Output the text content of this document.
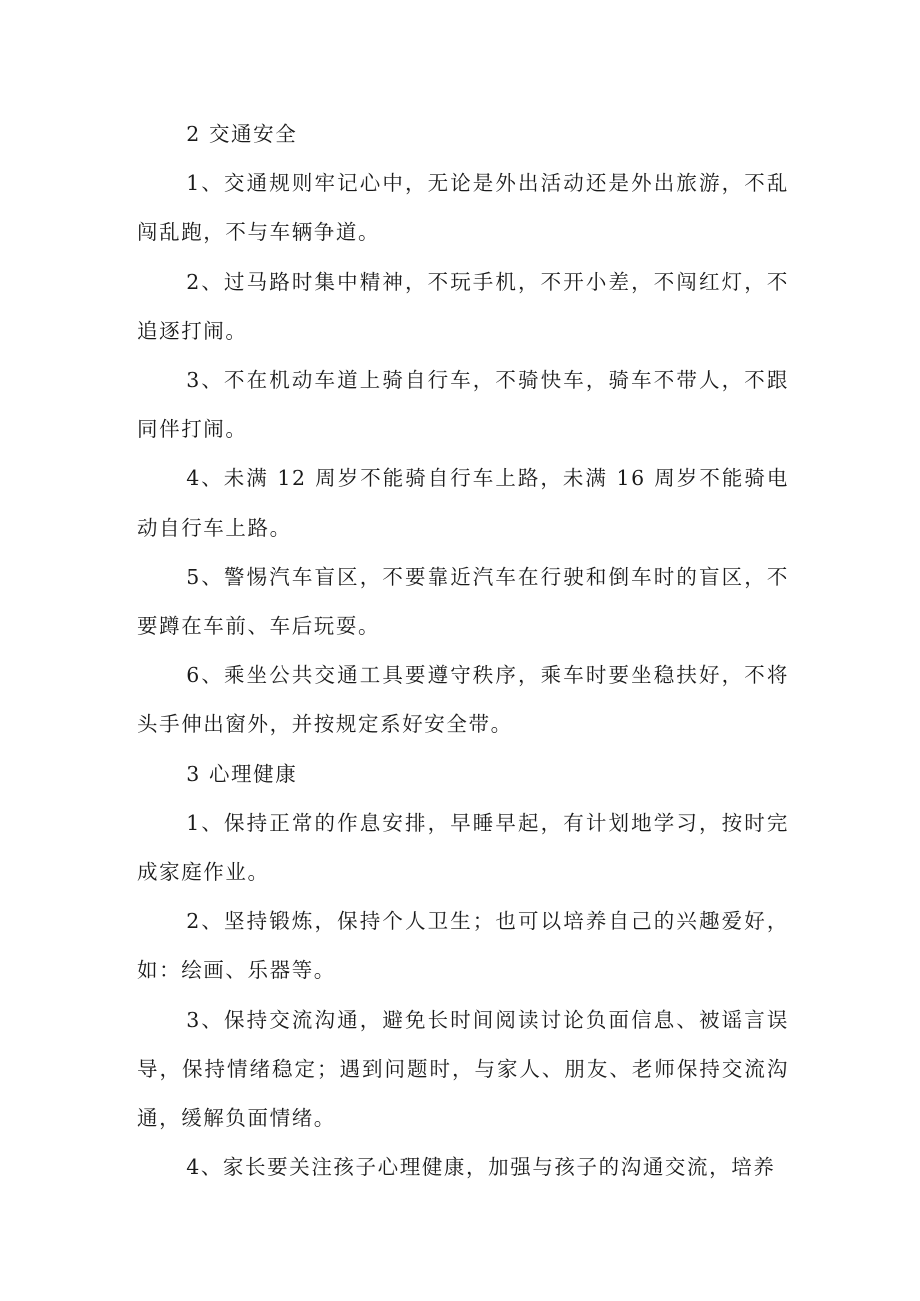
2 交通安全

1、交通规则牢记心中，无论是外出活动还是外出旅游，不乱闯乱跑，不与车辆争道。

2、过马路时集中精神，不玩手机，不开小差，不闯红灯，不追逐打闹。

3、不在机动车道上骑自行车，不骑快车，骑车不带人，不跟同伴打闹。

4、未满 12 周岁不能骑自行车上路，未满 16 周岁不能骑电动自行车上路。

5、警惕汽车盲区，不要靠近汽车在行驶和倒车时的盲区，不要蹲在车前、车后玩耍。

6、乘坐公共交通工具要遵守秩序，乘车时要坐稳扶好，不将头手伸出窗外，并按规定系好安全带。

3 心理健康

1、保持正常的作息安排，早睡早起，有计划地学习，按时完成家庭作业。

2、坚持锻炼，保持个人卫生；也可以培养自己的兴趣爱好，如：绘画、乐器等。

3、保持交流沟通，避免长时间阅读讨论负面信息、被谣言误导，保持情绪稳定；遇到问题时，与家人、朋友、老师保持交流沟通，缓解负面情绪。

4、家长要关注孩子心理健康，加强与孩子的沟通交流，培养
